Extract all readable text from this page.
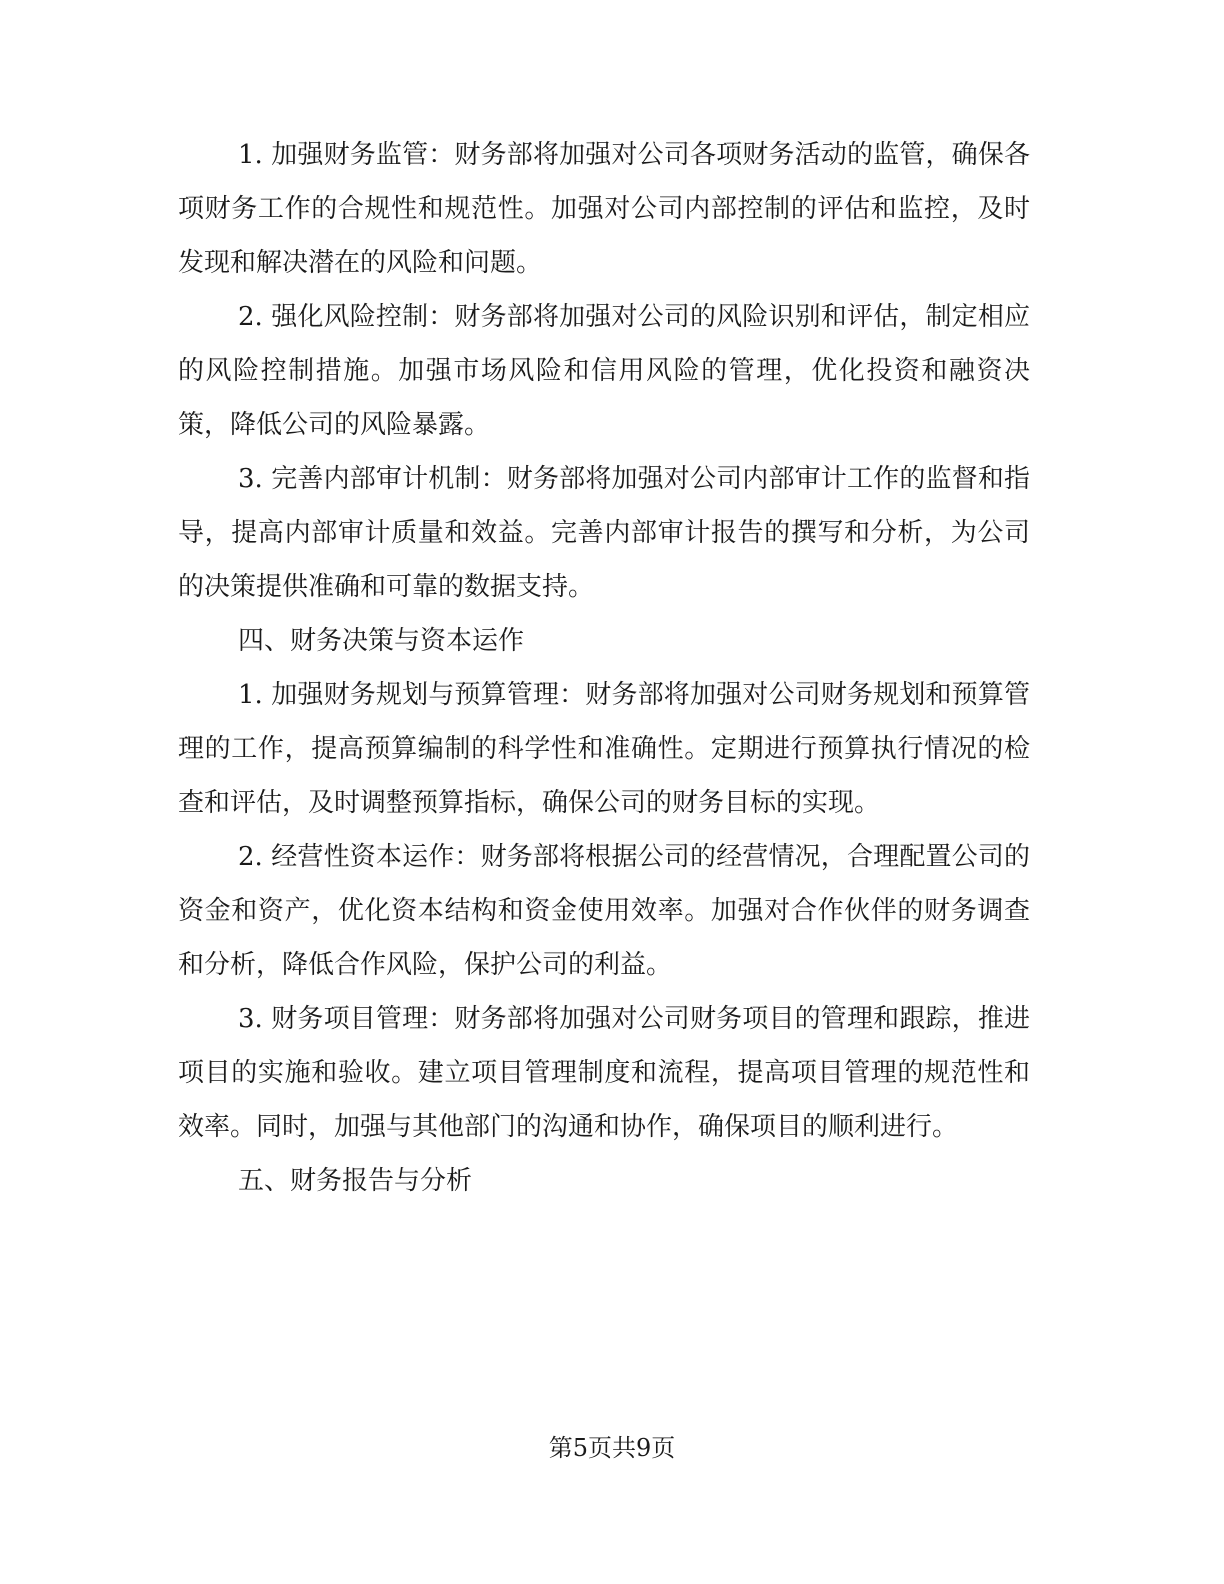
1. 加强财务监管：财务部将加强对公司各项财务活动的监管，确保各项财务工作的合规性和规范性。加强对公司内部控制的评估和监控，及时发现和解决潜在的风险和问题。

2. 强化风险控制：财务部将加强对公司的风险识别和评估，制定相应的风险控制措施。加强市场风险和信用风险的管理，优化投资和融资决策，降低公司的风险暴露。

3. 完善内部审计机制：财务部将加强对公司内部审计工作的监督和指导，提高内部审计质量和效益。完善内部审计报告的撰写和分析，为公司的决策提供准确和可靠的数据支持。

四、财务决策与资本运作

1. 加强财务规划与预算管理：财务部将加强对公司财务规划和预算管理的工作，提高预算编制的科学性和准确性。定期进行预算执行情况的检查和评估，及时调整预算指标，确保公司的财务目标的实现。

2. 经营性资本运作：财务部将根据公司的经营情况，合理配置公司的资金和资产，优化资本结构和资金使用效率。加强对合作伙伴的财务调查和分析，降低合作风险，保护公司的利益。

3. 财务项目管理：财务部将加强对公司财务项目的管理和跟踪，推进项目的实施和验收。建立项目管理制度和流程，提高项目管理的规范性和效率。同时，加强与其他部门的沟通和协作，确保项目的顺利进行。

五、财务报告与分析

第5页共9页
